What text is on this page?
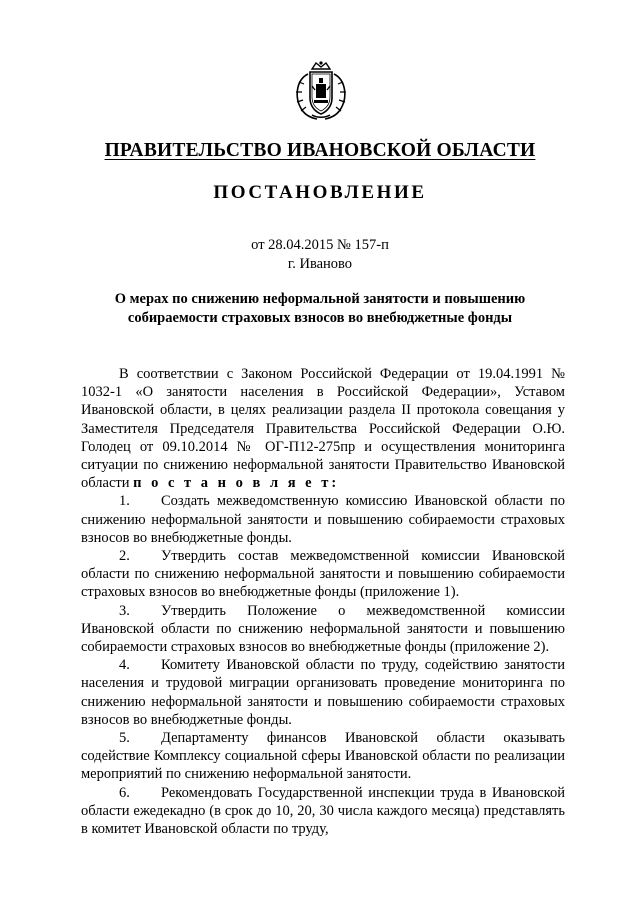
ПРАВИТЕЛЬСТВО ИВАНОВСКОЙ ОБЛАСТИ
ПОСТАНОВЛЕНИЕ
от 28.04.2015 № 157-п
г. Иваново
О мерах по снижению неформальной занятости и повышению собираемости страховых взносов во внебюджетные фонды

В соответствии с Законом Российской Федерации от 19.04.1991 № 1032-1 «О занятости населения в Российской Федерации», Уставом Ивановской области, в целях реализации раздела II протокола совещания у Заместителя Председателя Правительства Российской Федерации О.Ю. Голодец от 09.10.2014 № ОГ-П12-275пр и осуществления мониторинга ситуации по снижению неформальной занятости Правительство Ивановской области п о с т а н о в л я е т:

1. Создать межведомственную комиссию Ивановской области по снижению неформальной занятости и повышению собираемости страховых взносов во внебюджетные фонды.

2. Утвердить состав межведомственной комиссии Ивановской области по снижению неформальной занятости и повышению собираемости страховых взносов во внебюджетные фонды (приложение 1).

3. Утвердить Положение о межведомственной комиссии Ивановской области по снижению неформальной занятости и повышению собираемости страховых взносов во внебюджетные фонды (приложение 2).

4. Комитету Ивановской области по труду, содействию занятости населения и трудовой миграции организовать проведение мониторинга по снижению неформальной занятости и повышению собираемости страховых взносов во внебюджетные фонды.

5. Департаменту финансов Ивановской области оказывать содействие Комплексу социальной сферы Ивановской области по реализации мероприятий по снижению неформальной занятости.

6. Рекомендовать Государственной инспекции труда в Ивановской области ежедекадно (в срок до 10, 20, 30 числа каждого месяца) представлять в комитет Ивановской области по труду,
